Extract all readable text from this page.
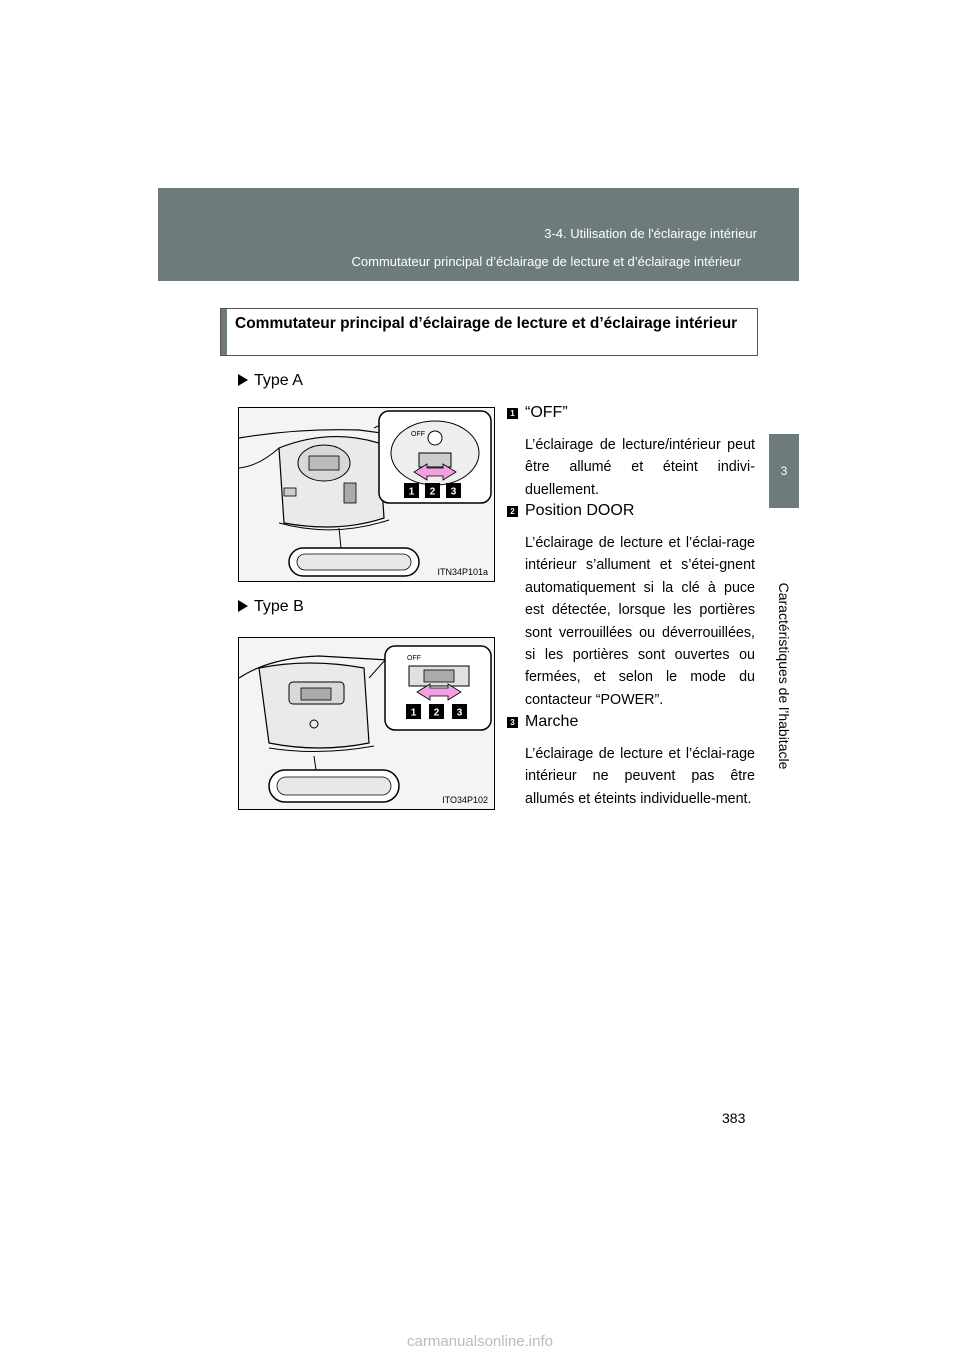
3-4. Utilisation de l'éclairage intérieur
Commutateur principal d’éclairage de lecture et d’éclairage intérieur
3
Caractéristiques de l’habitacle
Commutateur principal d’éclairage de lecture et d’éclairage intérieur
Type A
OFF
1 2 3
ITN34P101a
Type B
OFF
1 2 3
ITO34P102
1 “OFF”
L’éclairage de lecture/intérieur peut être allumé et éteint indivi-duellement.
2 Position DOOR
L’éclairage de lecture et l’éclai-rage intérieur s’allument et s’étei-gnent automatiquement si la clé à puce est détectée, lorsque les portières sont verrouillées ou déverrouillées, si les portières sont ouvertes ou fermées, et selon le mode du contacteur “POWER”.
3 Marche
L’éclairage de lecture et l’éclai-rage intérieur ne peuvent pas être allumés et éteints individuelle-ment.
383
carmanualsonline.info
